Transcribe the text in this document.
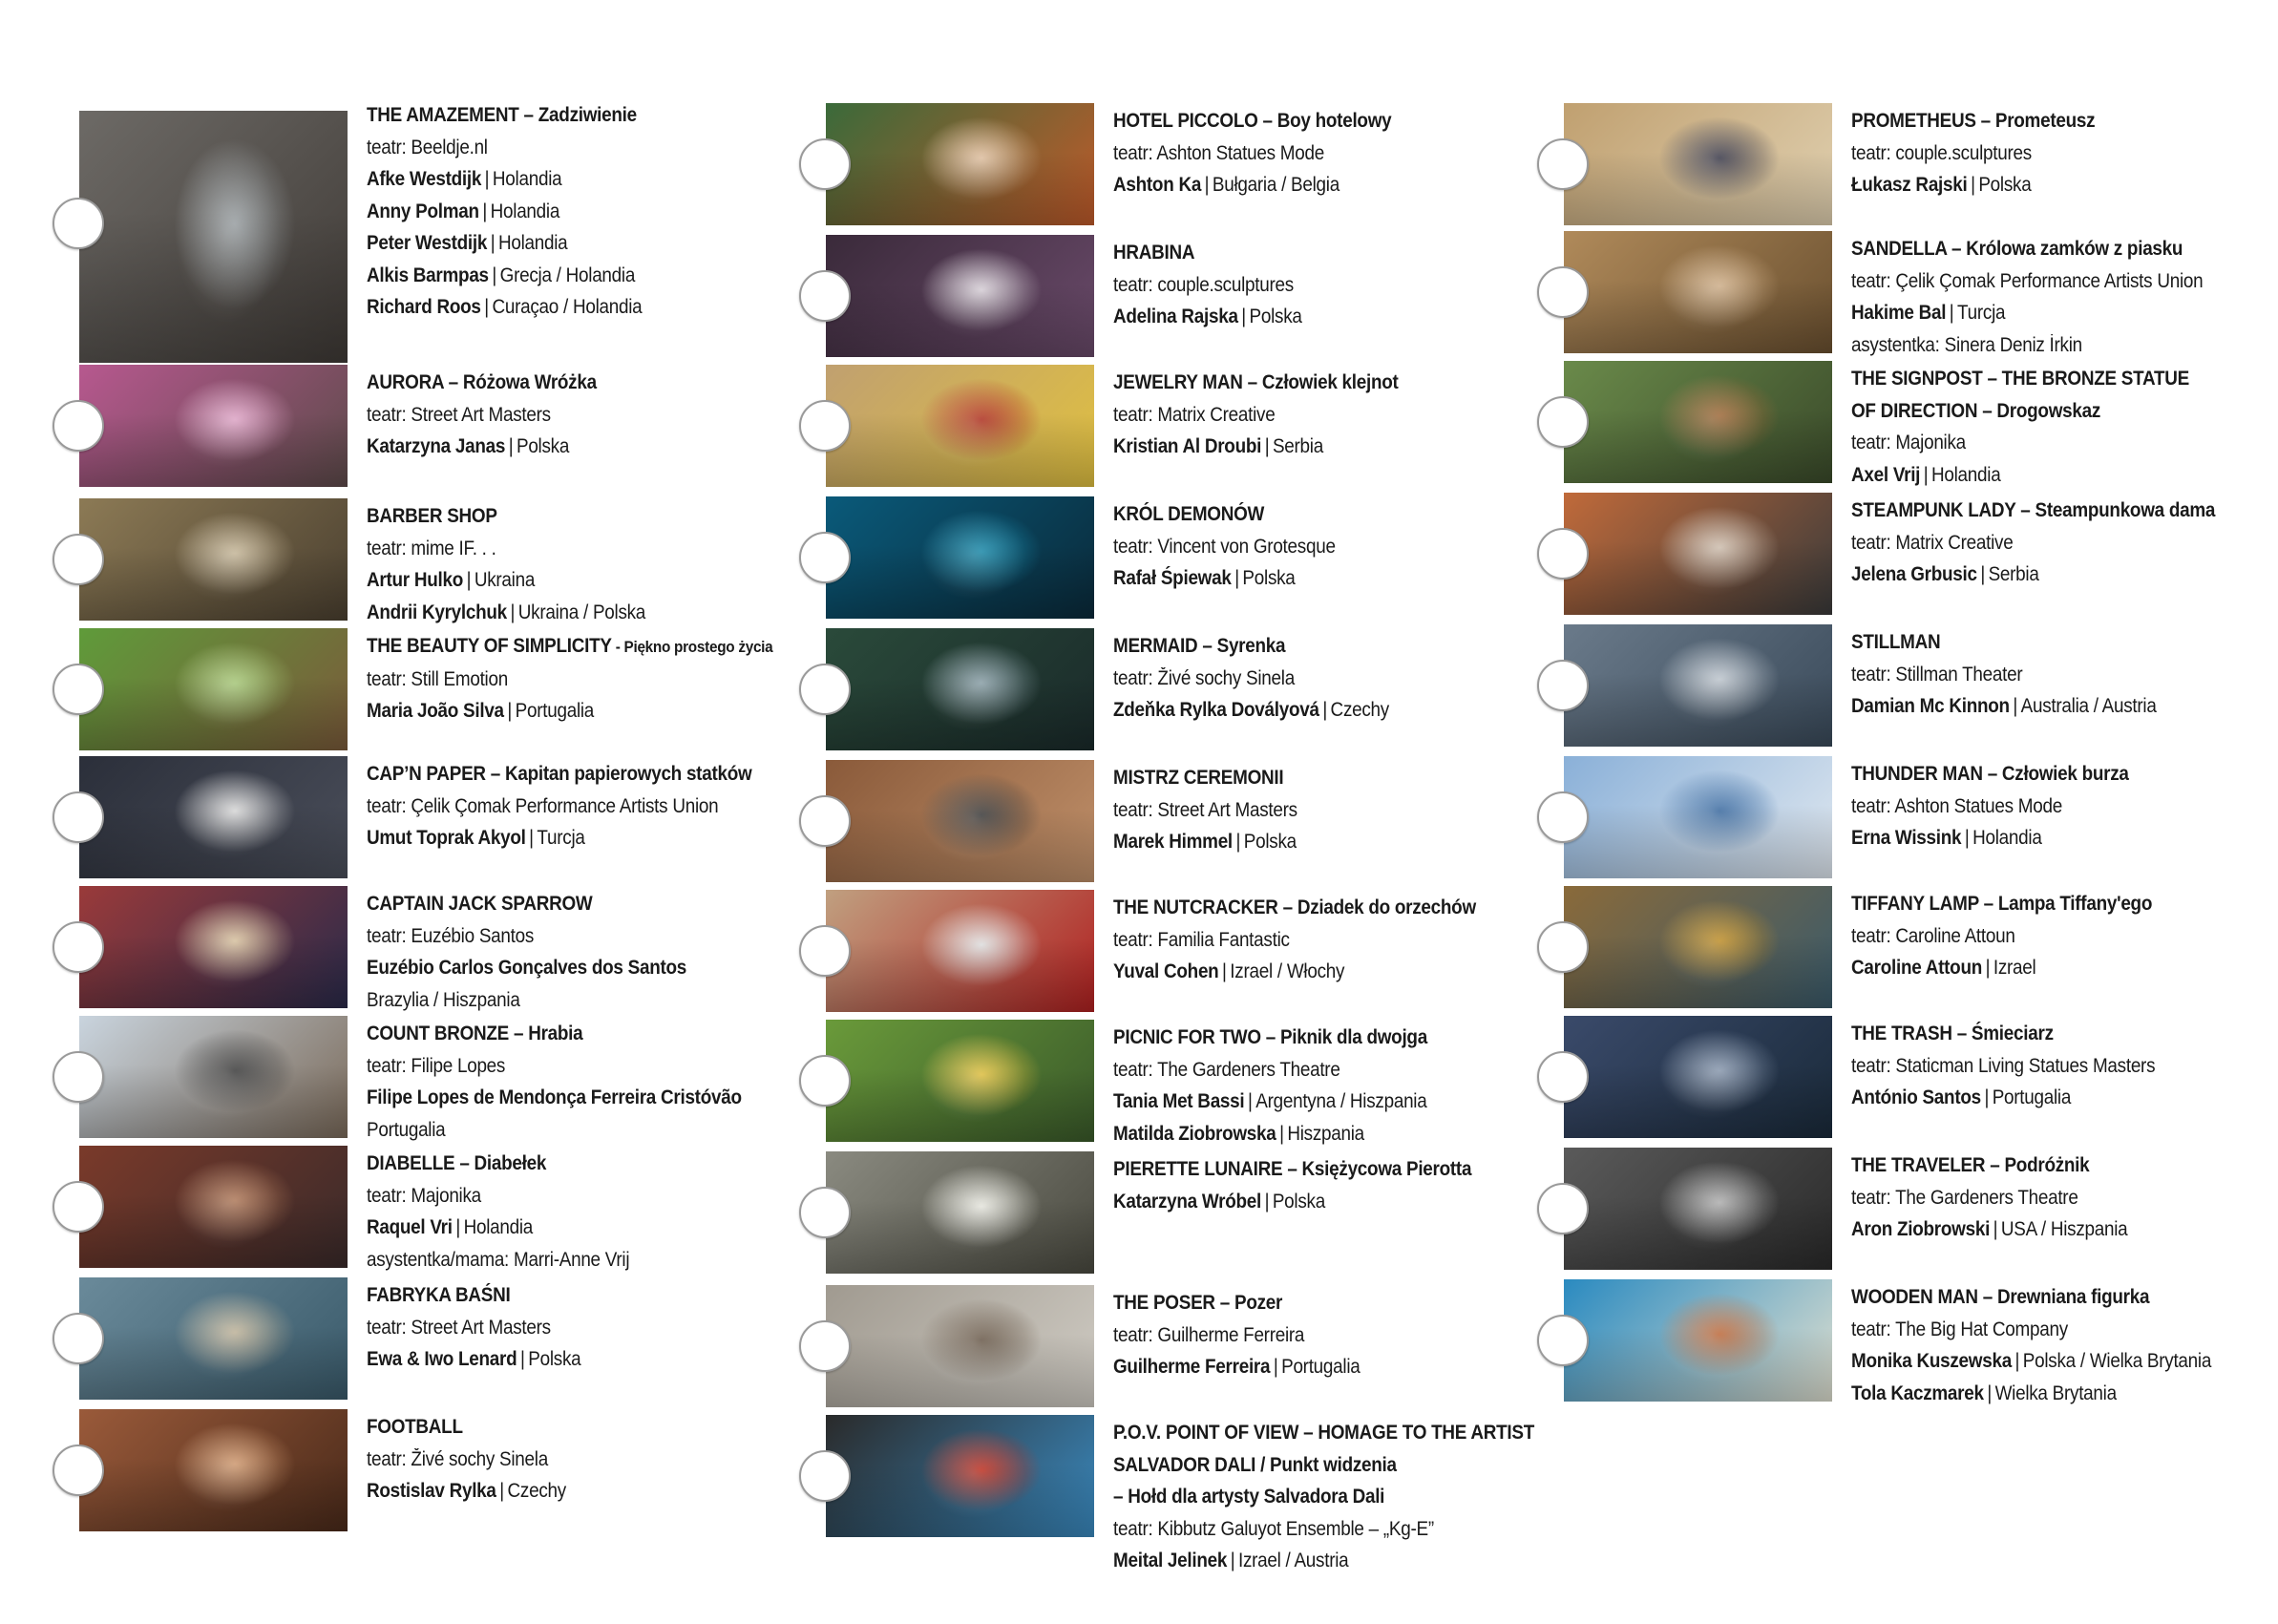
THE AMAZEMENT – Zadziwienie
teatr: Beeldje.nl
Afke Westdijk | Holandia
Anny Polman | Holandia
Peter Westdijk | Holandia
Alkis Barmpas | Grecja / Holandia
Richard Roos | Curaçao / Holandia
AURORA – Różowa Wróżka
teatr: Street Art Masters
Katarzyna Janas | Polska
BARBER SHOP
teatr: mime IF. . .
Artur Hulko | Ukraina
Andrii Kyrylchuk | Ukraina / Polska
THE BEAUTY OF SIMPLICITY - Piękno prostego życia
teatr: Still Emotion
Maria João Silva | Portugalia
CAP’N PAPER – Kapitan papierowych statków
teatr: Çelik Çomak Performance Artists Union
Umut Toprak Akyol | Turcja
CAPTAIN JACK SPARROW
teatr: Euzébio Santos
Euzébio Carlos Gonçalves dos Santos
Brazylia / Hiszpania
COUNT BRONZE – Hrabia
teatr: Filipe Lopes
Filipe Lopes de Mendonça Ferreira Cristóvão
Portugalia
DIABELLE – Diabełek
teatr: Majonika
Raquel Vri | Holandia
asystentka/mama: Marri-Anne Vrij
FABRYKA BAŚNI
teatr: Street Art Masters
Ewa & Iwo Lenard | Polska
FOOTBALL
teatr: Živé sochy Sinela
Rostislav Rylka | Czechy
HOTEL PICCOLO – Boy hotelowy
teatr: Ashton Statues Mode
Ashton Ka | Bułgaria / Belgia
HRABINA
teatr: couple.sculptures
Adelina Rajska | Polska
JEWELRY MAN – Człowiek klejnot
teatr: Matrix Creative
Kristian Al Droubi | Serbia
KRÓL DEMONÓW
teatr: Vincent von Grotesque
Rafał Śpiewak | Polska
MERMAID – Syrenka
teatr: Živé sochy Sinela
Zdeňka Rylka Dovályová | Czechy
MISTRZ CEREMONII
teatr: Street Art Masters
Marek Himmel | Polska
THE NUTCRACKER – Dziadek do orzechów
teatr: Familia Fantastic
Yuval Cohen | Izrael / Włochy
PICNIC FOR TWO – Piknik dla dwojga
teatr: The Gardeners Theatre
Tania Met Bassi | Argentyna / Hiszpania
Matilda Ziobrowska | Hiszpania
PIERETTE LUNAIRE – Księżycowa Pierotta
Katarzyna Wróbel | Polska
THE POSER – Pozer
teatr: Guilherme Ferreira
Guilherme Ferreira | Portugalia
P.O.V. POINT OF VIEW – HOMAGE TO THE ARTIST
SALVADOR DALI / Punkt widzenia
– Hołd dla artysty Salvadora Dali
teatr: Kibbutz Galuyot Ensemble – „Kg-E”
Meital Jelinek | Izrael / Austria
PROMETHEUS – Prometeusz
teatr: couple.sculptures
Łukasz Rajski | Polska
SANDELLA – Królowa zamków z piasku
teatr: Çelik Çomak Performance Artists Union
Hakime Bal | Turcja
asystentka: Sinera Deniz İrkin
THE SIGNPOST – THE BRONZE STATUE
OF DIRECTION – Drogowskaz
teatr: Majonika
Axel Vrij | Holandia
STEAMPUNK LADY – Steampunkowa dama
teatr: Matrix Creative
Jelena Grbusic | Serbia
STILLMAN
teatr: Stillman Theater
Damian Mc Kinnon | Australia / Austria
THUNDER MAN – Człowiek burza
teatr: Ashton Statues Mode
Erna Wissink | Holandia
TIFFANY LAMP – Lampa Tiffany'ego
teatr: Caroline Attoun
Caroline Attoun | Izrael
THE TRASH – Śmieciarz
teatr: Staticman Living Statues Masters
António Santos | Portugalia
THE TRAVELER – Podróżnik
teatr: The Gardeners Theatre
Aron Ziobrowski | USA / Hiszpania
WOODEN MAN – Drewniana figurka
teatr: The Big Hat Company
Monika Kuszewska | Polska / Wielka Brytania
Tola Kaczmarek | Wielka Brytania
